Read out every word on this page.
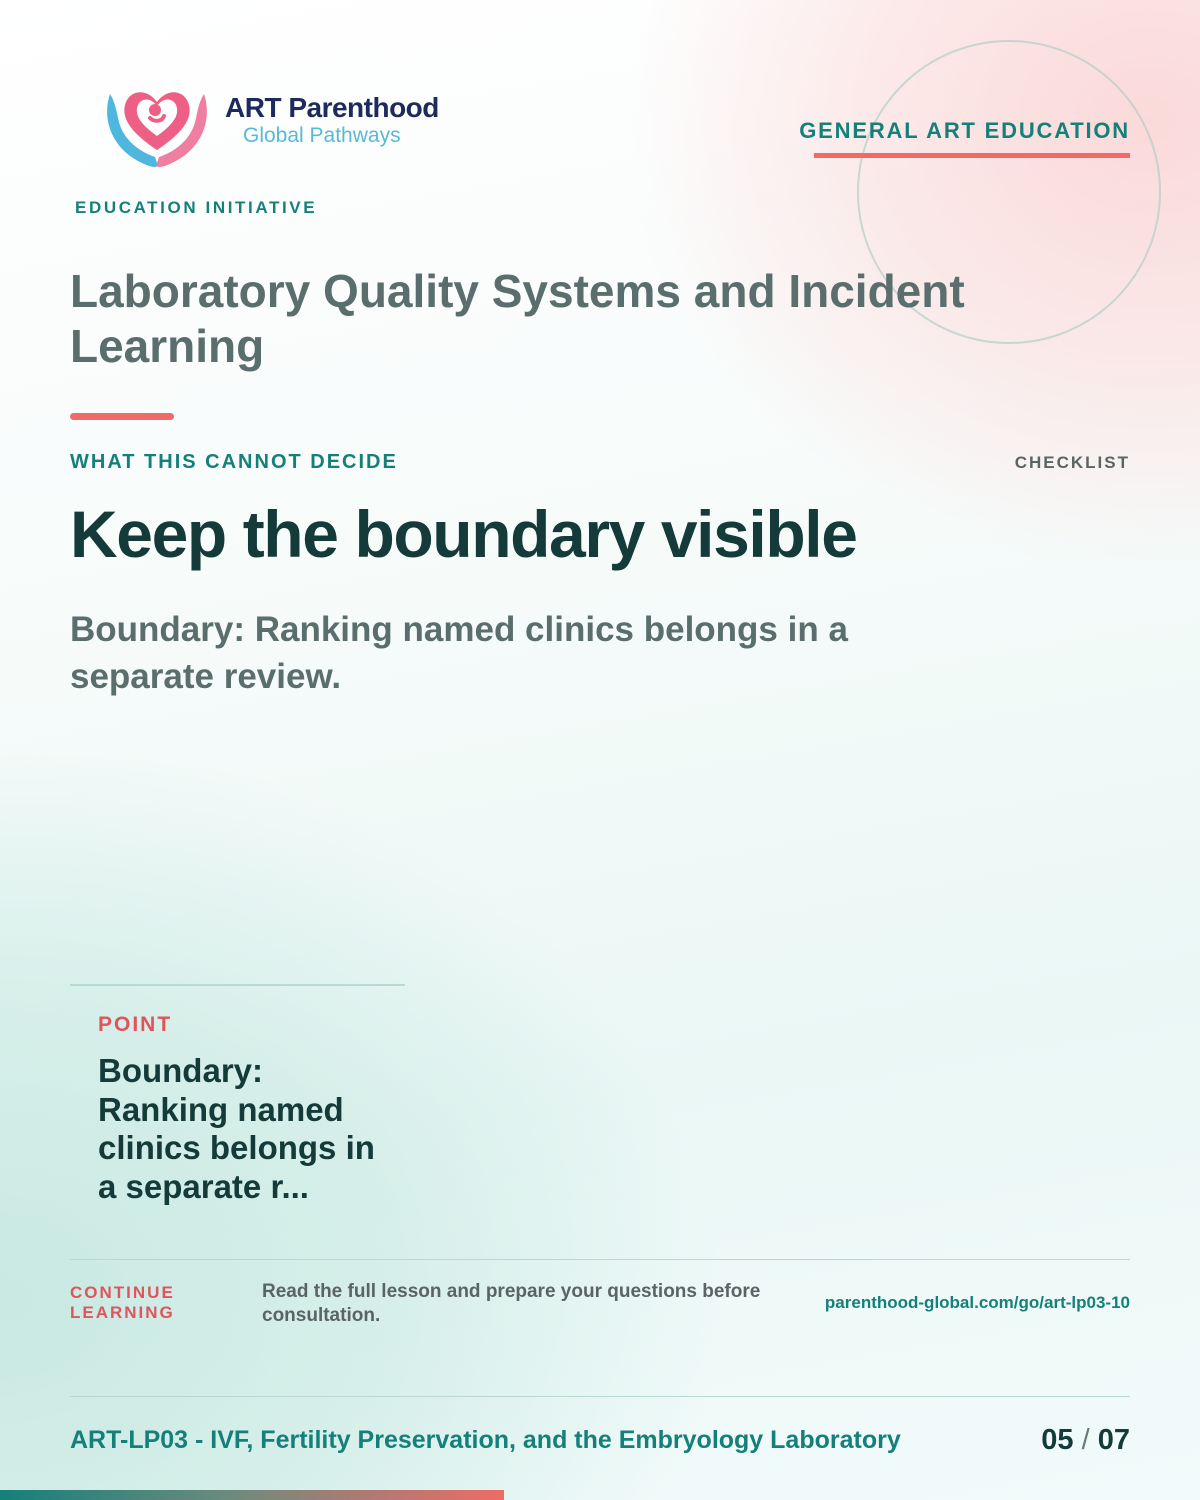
ART Parenthood
Global Pathways
EDUCATION INITIATIVE
GENERAL ART EDUCATION
Laboratory Quality Systems and Incident Learning
WHAT THIS CANNOT DECIDE	CHECKLIST
Keep the boundary visible

Boundary: Ranking named clinics belongs in a separate review.

POINT

Boundary: Ranking named clinics belongs in a separate r...

CONTINUE LEARNING
Read the full lesson and prepare your questions before consultation.
parenthood-global.com/go/art-lp03-10
ART-LP03 - IVF, Fertility Preservation, and the Embryology Laboratory	05 / 07
